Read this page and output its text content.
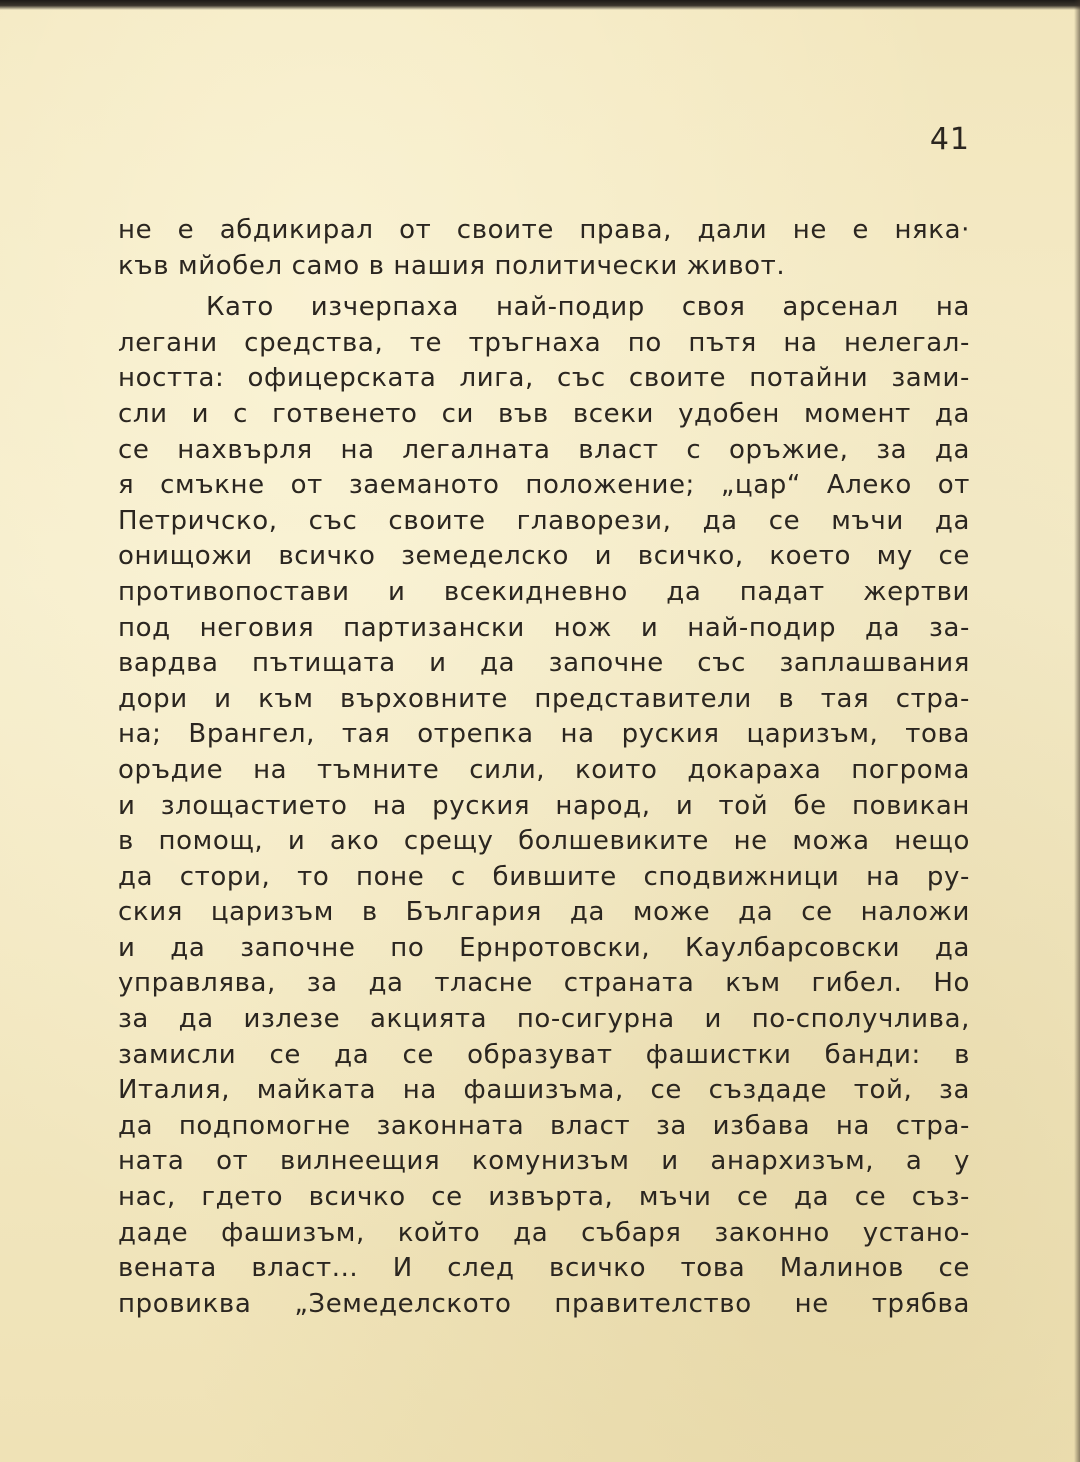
41
не е абдикирал от своите права, дали не е няка·
къв мйобел само в нашия политически живот.
Като изчерпаха най-подир своя арсенал на
легани средства, те тръгнаха по пътя на нелегал-
ността: офицерската лига, със своите потайни зами-
сли и с готвенето си във всеки удобен момент да
се нахвърля на легалната власт с оръжие, за да
я смъкне от заеманото положение; „цар“ Алеко от
Петричско, със своите главорези, да се мъчи да
онищожи всичко земеделско и всичко, което му се
противопостави и всекидневно да падат жертви
под неговия партизански нож и най-подир да за-
вардва пътищата и да започне със заплашвания
дори и към върховните представители в тая стра-
на; Врангел, тая отрепка на руския царизъм, това
оръдие на тъмните сили, които докараха погрома
и злощастието на руския народ, и той бе повикан
в помощ, и ако срещу болшевиките не можа нещо
да стори, то поне с бившите сподвижници на ру-
ския царизъм в България да може да се наложи
и да започне по Ернротовски, Каулбарсовски да
управлява, за да тласне страната към гибел. Но
за да излезе акцията по-сигурна и по-сполучлива,
замисли се да се образуват фашистки банди: в
Италия, майката на фашизъма, се създаде той, за
да подпомогне законната власт за избава на стра-
ната от вилнеещия комунизъм и анархизъм, а у
нас, гдето всичко се извърта, мъчи се да се съз-
даде фашизъм, който да събаря законно устано-
вената власт... И след всичко това Малинов се
провиква „Земеделското правителство не трябва
